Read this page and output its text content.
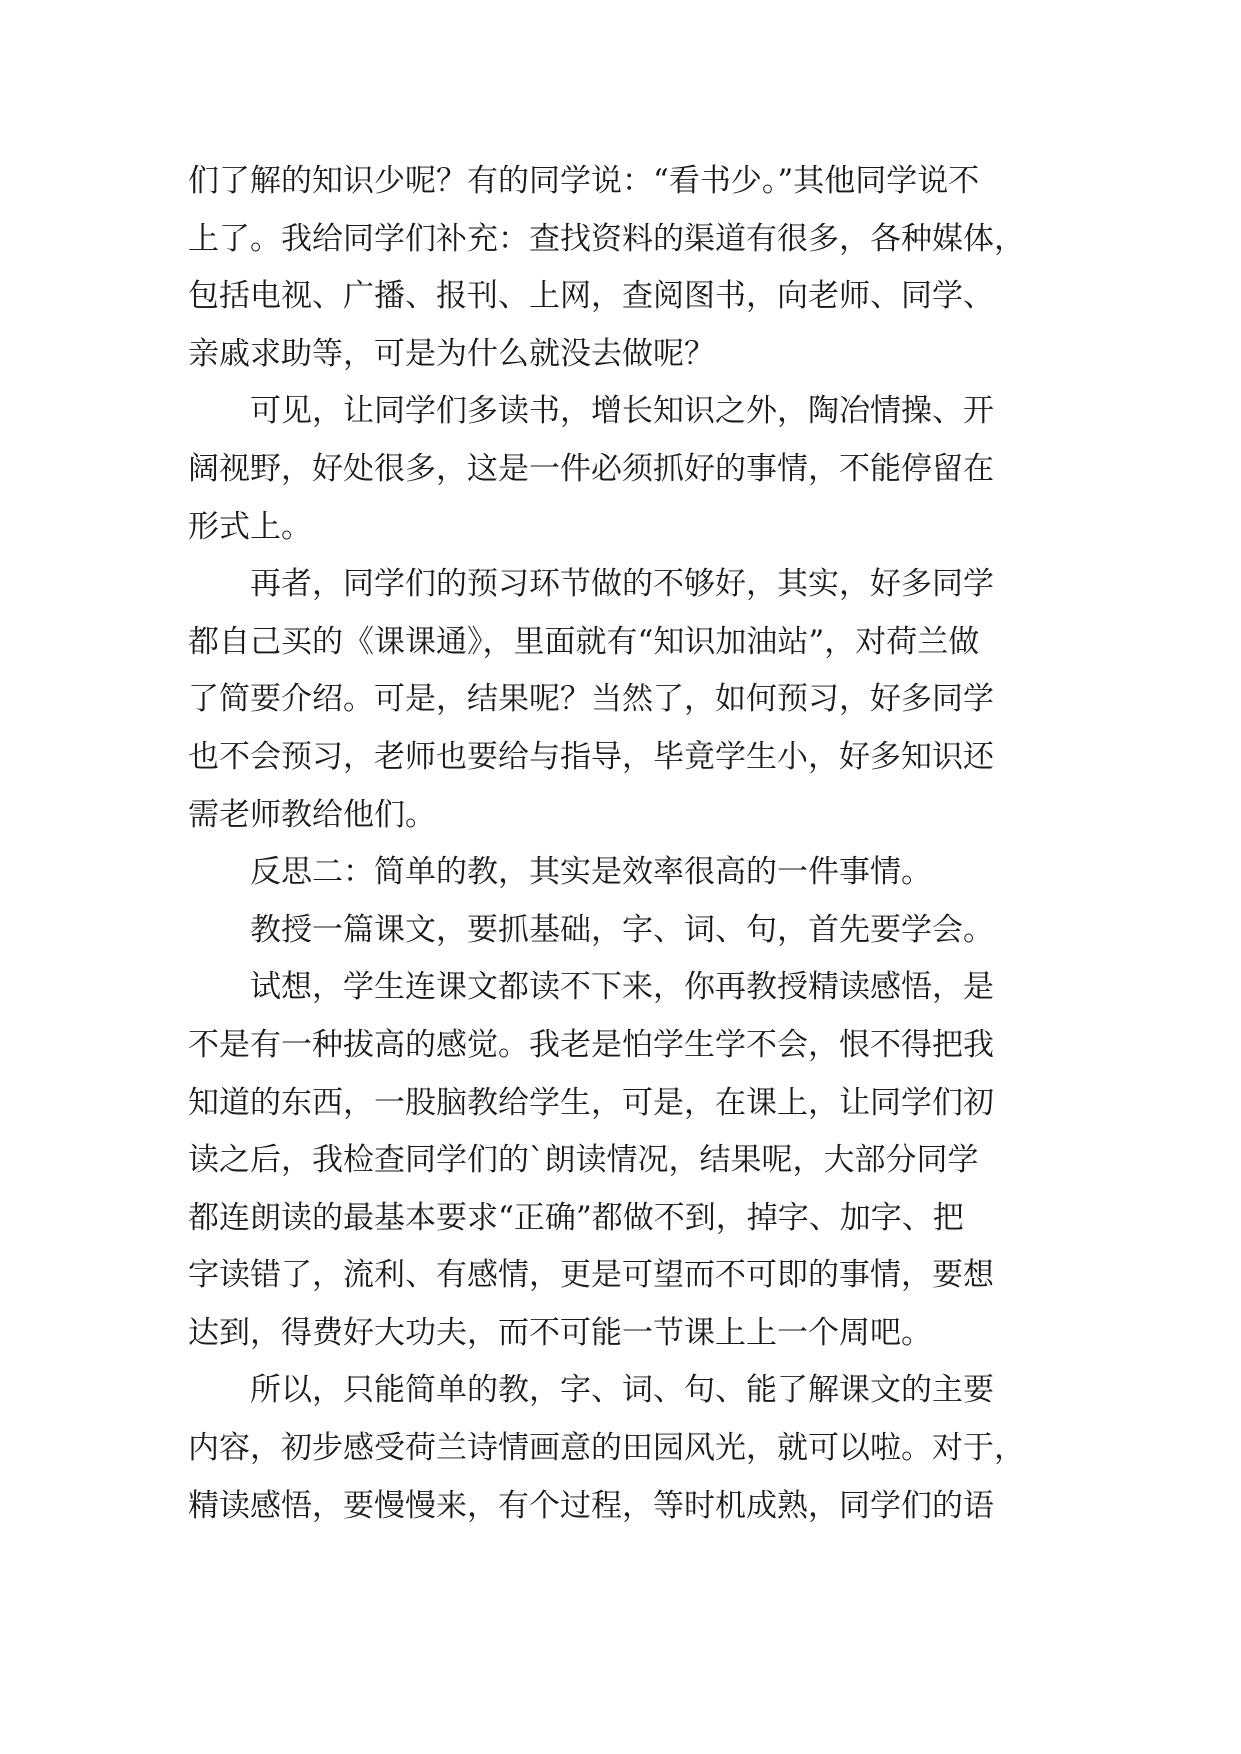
们了解的知识少呢？有的同学说：“看书少。”其他同学说不
上了。我给同学们补充：查找资料的渠道有很多，各种媒体，
包括电视、广播、报刊、上网，查阅图书，向老师、同学、
亲戚求助等，可是为什么就没去做呢？
可见，让同学们多读书，增长知识之外，陶冶情操、开
阔视野，好处很多，这是一件必须抓好的事情，不能停留在
形式上。
再者，同学们的预习环节做的不够好，其实，好多同学
都自己买的《课课通》，里面就有“知识加油站”，对荷兰做
了简要介绍。可是，结果呢？当然了，如何预习，好多同学
也不会预习，老师也要给与指导，毕竟学生小，好多知识还
需老师教给他们。
反思二：简单的教，其实是效率很高的一件事情。
教授一篇课文，要抓基础，字、词、句，首先要学会。
试想，学生连课文都读不下来，你再教授精读感悟，是
不是有一种拔高的感觉。我老是怕学生学不会，恨不得把我
知道的东西，一股脑教给学生，可是，在课上，让同学们初
读之后，我检查同学们的`朗读情况，结果呢，大部分同学
都连朗读的最基本要求“正确”都做不到，掉字、加字、把
字读错了，流利、有感情，更是可望而不可即的事情，要想
达到，得费好大功夫，而不可能一节课上上一个周吧。
所以，只能简单的教，字、词、句、能了解课文的主要
内容，初步感受荷兰诗情画意的田园风光，就可以啦。对于，
精读感悟，要慢慢来，有个过程，等时机成熟，同学们的语
